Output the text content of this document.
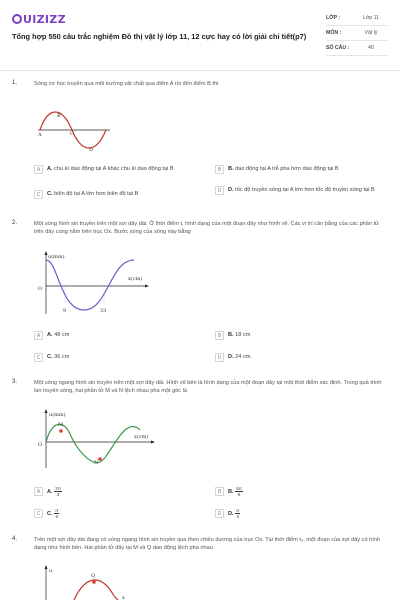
UIZIZZ
Tổng hợp 550 câu trắc nghiệm Đồ thị vật lý lớp 11, 12 cực hay có lời giải chi tiết(p7)
LỚP :	Lớp 11
MÔN :	Vật lý
SỐ CÂU :	40
1.	Sóng cơ học truyền qua môi trường vật chất qua điểm A rồi đến điểm B thì
A
B
C
D
A	A. chu kì dao động tại A khác chu kì dao động tại B	B	B. dao động tại A trễ pha hơn dao động tại B
C	C. biên độ tại A lớn hơn biên độ tại B
D	D. tốc độ truyền sóng tại A lớn hơn tốc độ truyền sóng tại B
2.	Một sóng hình sin truyền trên một sợi dây dài. Ở thời điểm t, hình dạng của một đoạn dây như hình vẽ. Các vị trí cân bằng của các phần tử trên dây cùng nằm trên trục Ox. Bước sóng của sóng này bằng
u(mm)
x(cm)
O
9	33
A	A. 48 cm	B	B. 18 cm
C	C. 36 cm	D	D. 24 cm.
3.	Một sóng ngang hình sin truyền trên một sợi dây dài. Hình vẽ bên là hình dạng của một đoạn dây tại một thời điểm xác định. Trong quá trình lan truyền sóng, hai phần tử M và N lệch nhau pha một góc là
u(mm)
x(cm)
O
M
N
A	A. $\frac{2\pi}{3}$	B	B. $\frac{5\pi}{6}$
C	C. $\frac{\pi}{6}$	D	D. $\frac{\pi}{3}$
4.	Trên một sợi dây dài đang có sóng ngang hình sin truyền qua theo chiều dương của trục Ox. Tại thời điểm t₀, một đoạn của sợi dây có hình dạng như hình bên. Hai phần tử dây tại M và Q dao động lệch pha nhau
u
Q
x
